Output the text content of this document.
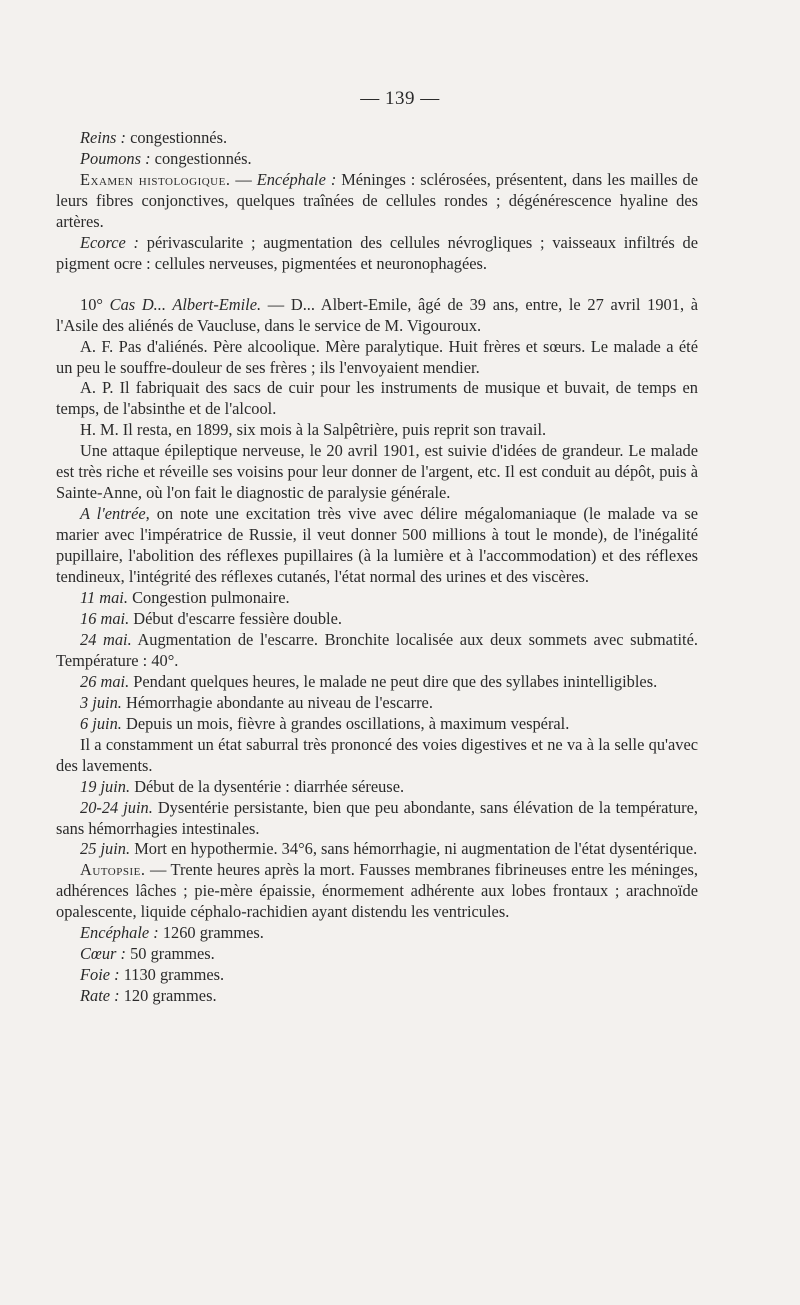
— 139 —

Reins : congestionnés.

Poumons : congestionnés.

Examen histologique. — Encéphale : Méninges : sclérosées, présentent, dans les mailles de leurs fibres conjonctives, quelques traînées de cellules rondes ; dégénérescence hyaline des artères.

Ecorce : périvascularite ; augmentation des cellules névrogliques ; vaisseaux infiltrés de pigment ocre : cellules nerveuses, pigmentées et neuronophagées.

10° Cas D... Albert-Emile. — D... Albert-Emile, âgé de 39 ans, entre, le 27 avril 1901, à l'Asile des aliénés de Vaucluse, dans le service de M. Vigouroux.

A. F. Pas d'aliénés. Père alcoolique. Mère paralytique. Huit frères et sœurs. Le malade a été un peu le souffre-douleur de ses frères ; ils l'envoyaient mendier.

A. P. Il fabriquait des sacs de cuir pour les instruments de musique et buvait, de temps en temps, de l'absinthe et de l'alcool.

H. M. Il resta, en 1899, six mois à la Salpêtrière, puis reprit son travail.

Une attaque épileptique nerveuse, le 20 avril 1901, est suivie d'idées de grandeur. Le malade est très riche et réveille ses voisins pour leur donner de l'argent, etc. Il est conduit au dépôt, puis à Sainte-Anne, où l'on fait le diagnostic de paralysie générale.

A l'entrée, on note une excitation très vive avec délire mégalomaniaque (le malade va se marier avec l'impératrice de Russie, il veut donner 500 millions à tout le monde), de l'inégalité pupillaire, l'abolition des réflexes pupillaires (à la lumière et à l'accommodation) et des réflexes tendineux, l'intégrité des réflexes cutanés, l'état normal des urines et des viscères.

11 mai. Congestion pulmonaire.

16 mai. Début d'escarre fessière double.

24 mai. Augmentation de l'escarre. Bronchite localisée aux deux sommets avec submatité. Température : 40°.

26 mai. Pendant quelques heures, le malade ne peut dire que des syllabes inintelligibles.

3 juin. Hémorrhagie abondante au niveau de l'escarre.

6 juin. Depuis un mois, fièvre à grandes oscillations, à maximum vespéral.

Il a constamment un état saburral très prononcé des voies digestives et ne va à la selle qu'avec des lavements.

19 juin. Début de la dysentérie : diarrhée séreuse.

20-24 juin. Dysentérie persistante, bien que peu abondante, sans élévation de la température, sans hémorrhagies intestinales.

25 juin. Mort en hypothermie. 34°6, sans hémorrhagie, ni augmentation de l'état dysentérique.

Autopsie. — Trente heures après la mort. Fausses membranes fibrineuses entre les méninges, adhérences lâches ; pie-mère épaissie, énormement adhérente aux lobes frontaux ; arachnoïde opalescente, liquide céphalo-rachidien ayant distendu les ventricules.

Encéphale : 1260 grammes.

Cœur : 50 grammes.

Foie : 1130 grammes.

Rate : 120 grammes.
